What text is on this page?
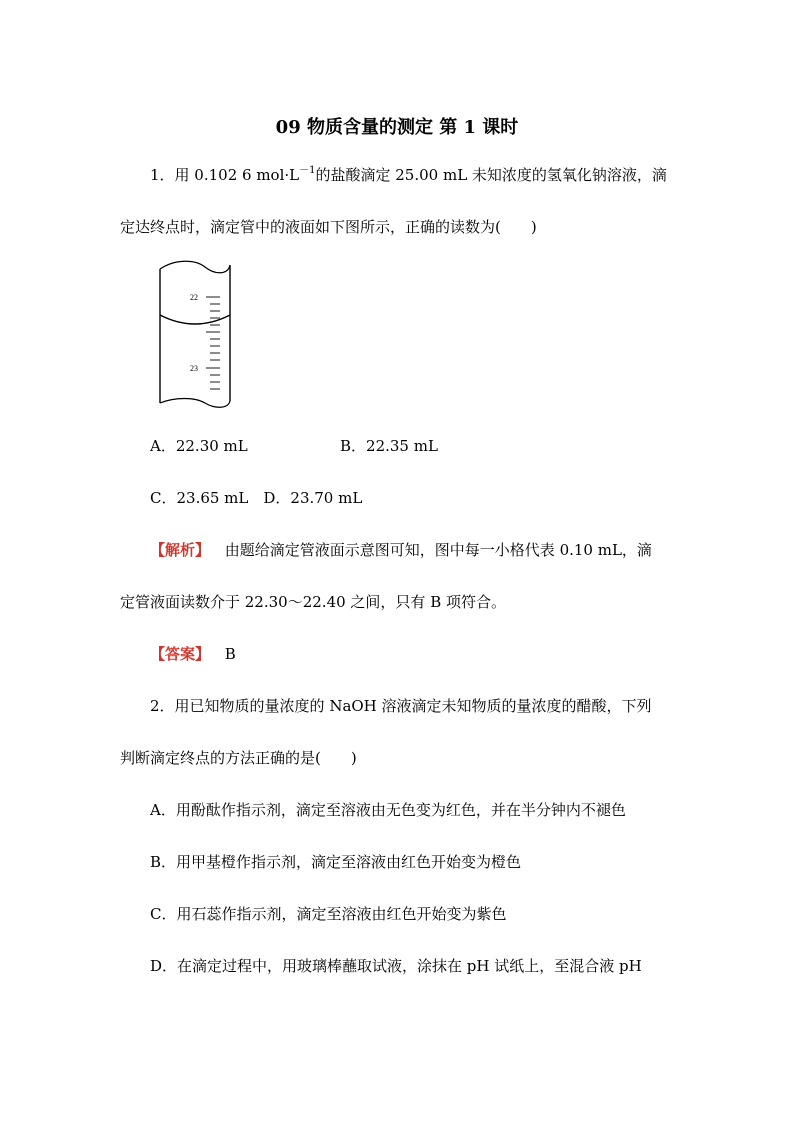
09 物质含量的测定 第 1 课时
1．用 0.102 6 $mol\cdot L^{-1}$的盐酸滴定 25.00 mL 未知浓度的氢氧化钠溶液，滴
定达终点时，滴定管中的液面如下图所示，正确的读数为(　　)
22
23
A．22.30 mL	B．22.35 mL
C．23.65 mL　D．23.70 mL
【解析】 由题给滴定管液面示意图可知，图中每一小格代表 0.10 mL，滴
定管液面读数介于 22.30～22.40 之间，只有 B 项符合。
【答案】 B
2．用已知物质的量浓度的 NaOH 溶液滴定未知物质的量浓度的醋酸，下列
判断滴定终点的方法正确的是(　　)
A．用酚酞作指示剂，滴定至溶液由无色变为红色，并在半分钟内不褪色
B．用甲基橙作指示剂，滴定至溶液由红色开始变为橙色
C．用石蕊作指示剂，滴定至溶液由红色开始变为紫色
D．在滴定过程中，用玻璃棒蘸取试液，涂抹在 pH 试纸上，至混合液 pH
